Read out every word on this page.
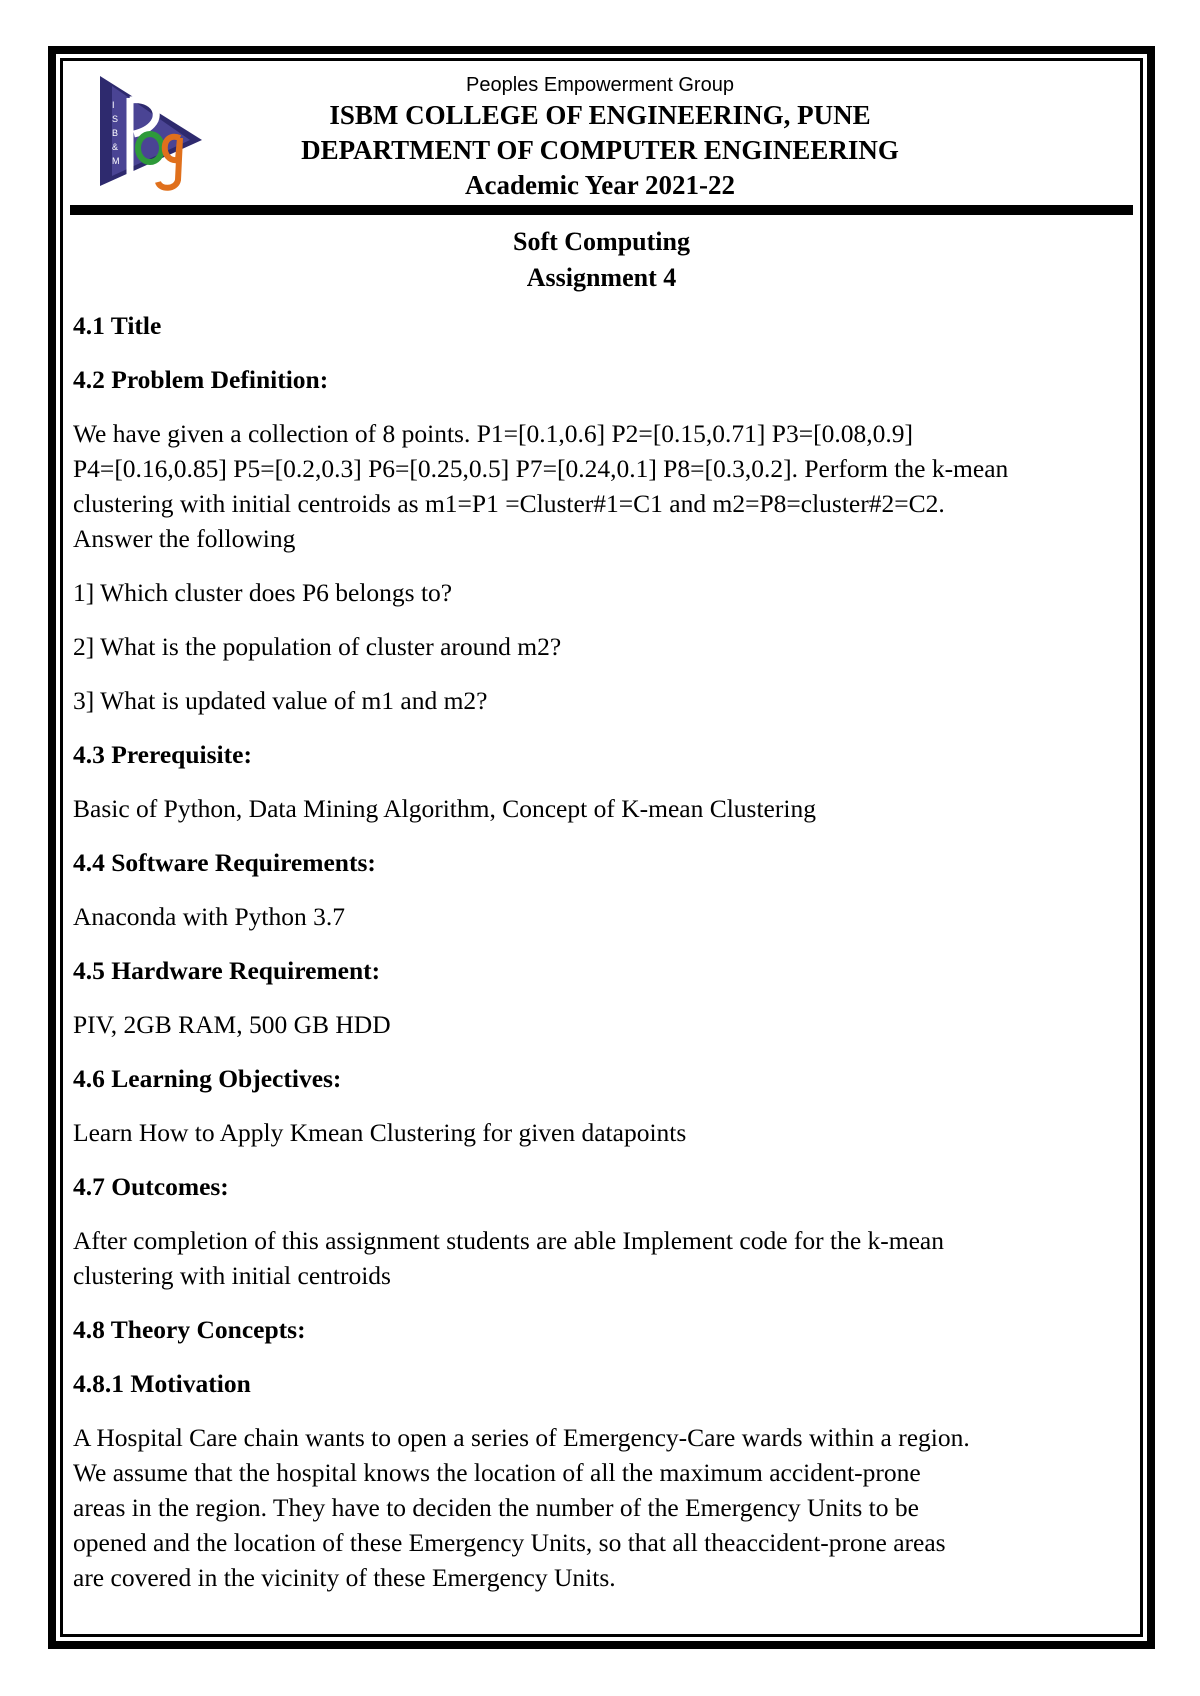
I
S
B
&
M
Peoples Empowerment Group
ISBM COLLEGE OF ENGINEERING, PUNE
DEPARTMENT OF COMPUTER ENGINEERING
Academic Year 2021-22
Soft Computing
Assignment 4

4.1 Title

4.2 Problem Definition:

We have given a collection of 8 points. P1=[0.1,0.6] P2=[0.15,0.71] P3=[0.08,0.9]

P4=[0.16,0.85] P5=[0.2,0.3] P6=[0.25,0.5] P7=[0.24,0.1] P8=[0.3,0.2]. Perform the k-mean

clustering with initial centroids as m1=P1 =Cluster#1=C1 and m2=P8=cluster#2=C2.

Answer the following

1] Which cluster does P6 belongs to?

2] What is the population of cluster around m2?

3] What is updated value of m1 and m2?

4.3 Prerequisite:

Basic of Python, Data Mining Algorithm, Concept of K-mean Clustering

4.4 Software Requirements:

Anaconda with Python 3.7

4.5 Hardware Requirement:

PIV, 2GB RAM, 500 GB HDD

4.6 Learning Objectives:

Learn How to Apply Kmean Clustering for given datapoints

4.7 Outcomes:

After completion of this assignment students are able Implement code for the k-mean

clustering with initial centroids

4.8 Theory Concepts:

4.8.1 Motivation

A Hospital Care chain wants to open a series of Emergency-Care wards within a region.

We assume that the hospital knows the location of all the maximum accident-prone

areas in the region. They have to deciden the number of the Emergency Units to be

opened and the location of these Emergency Units, so that all theaccident-prone areas

are covered in the vicinity of these Emergency Units.
